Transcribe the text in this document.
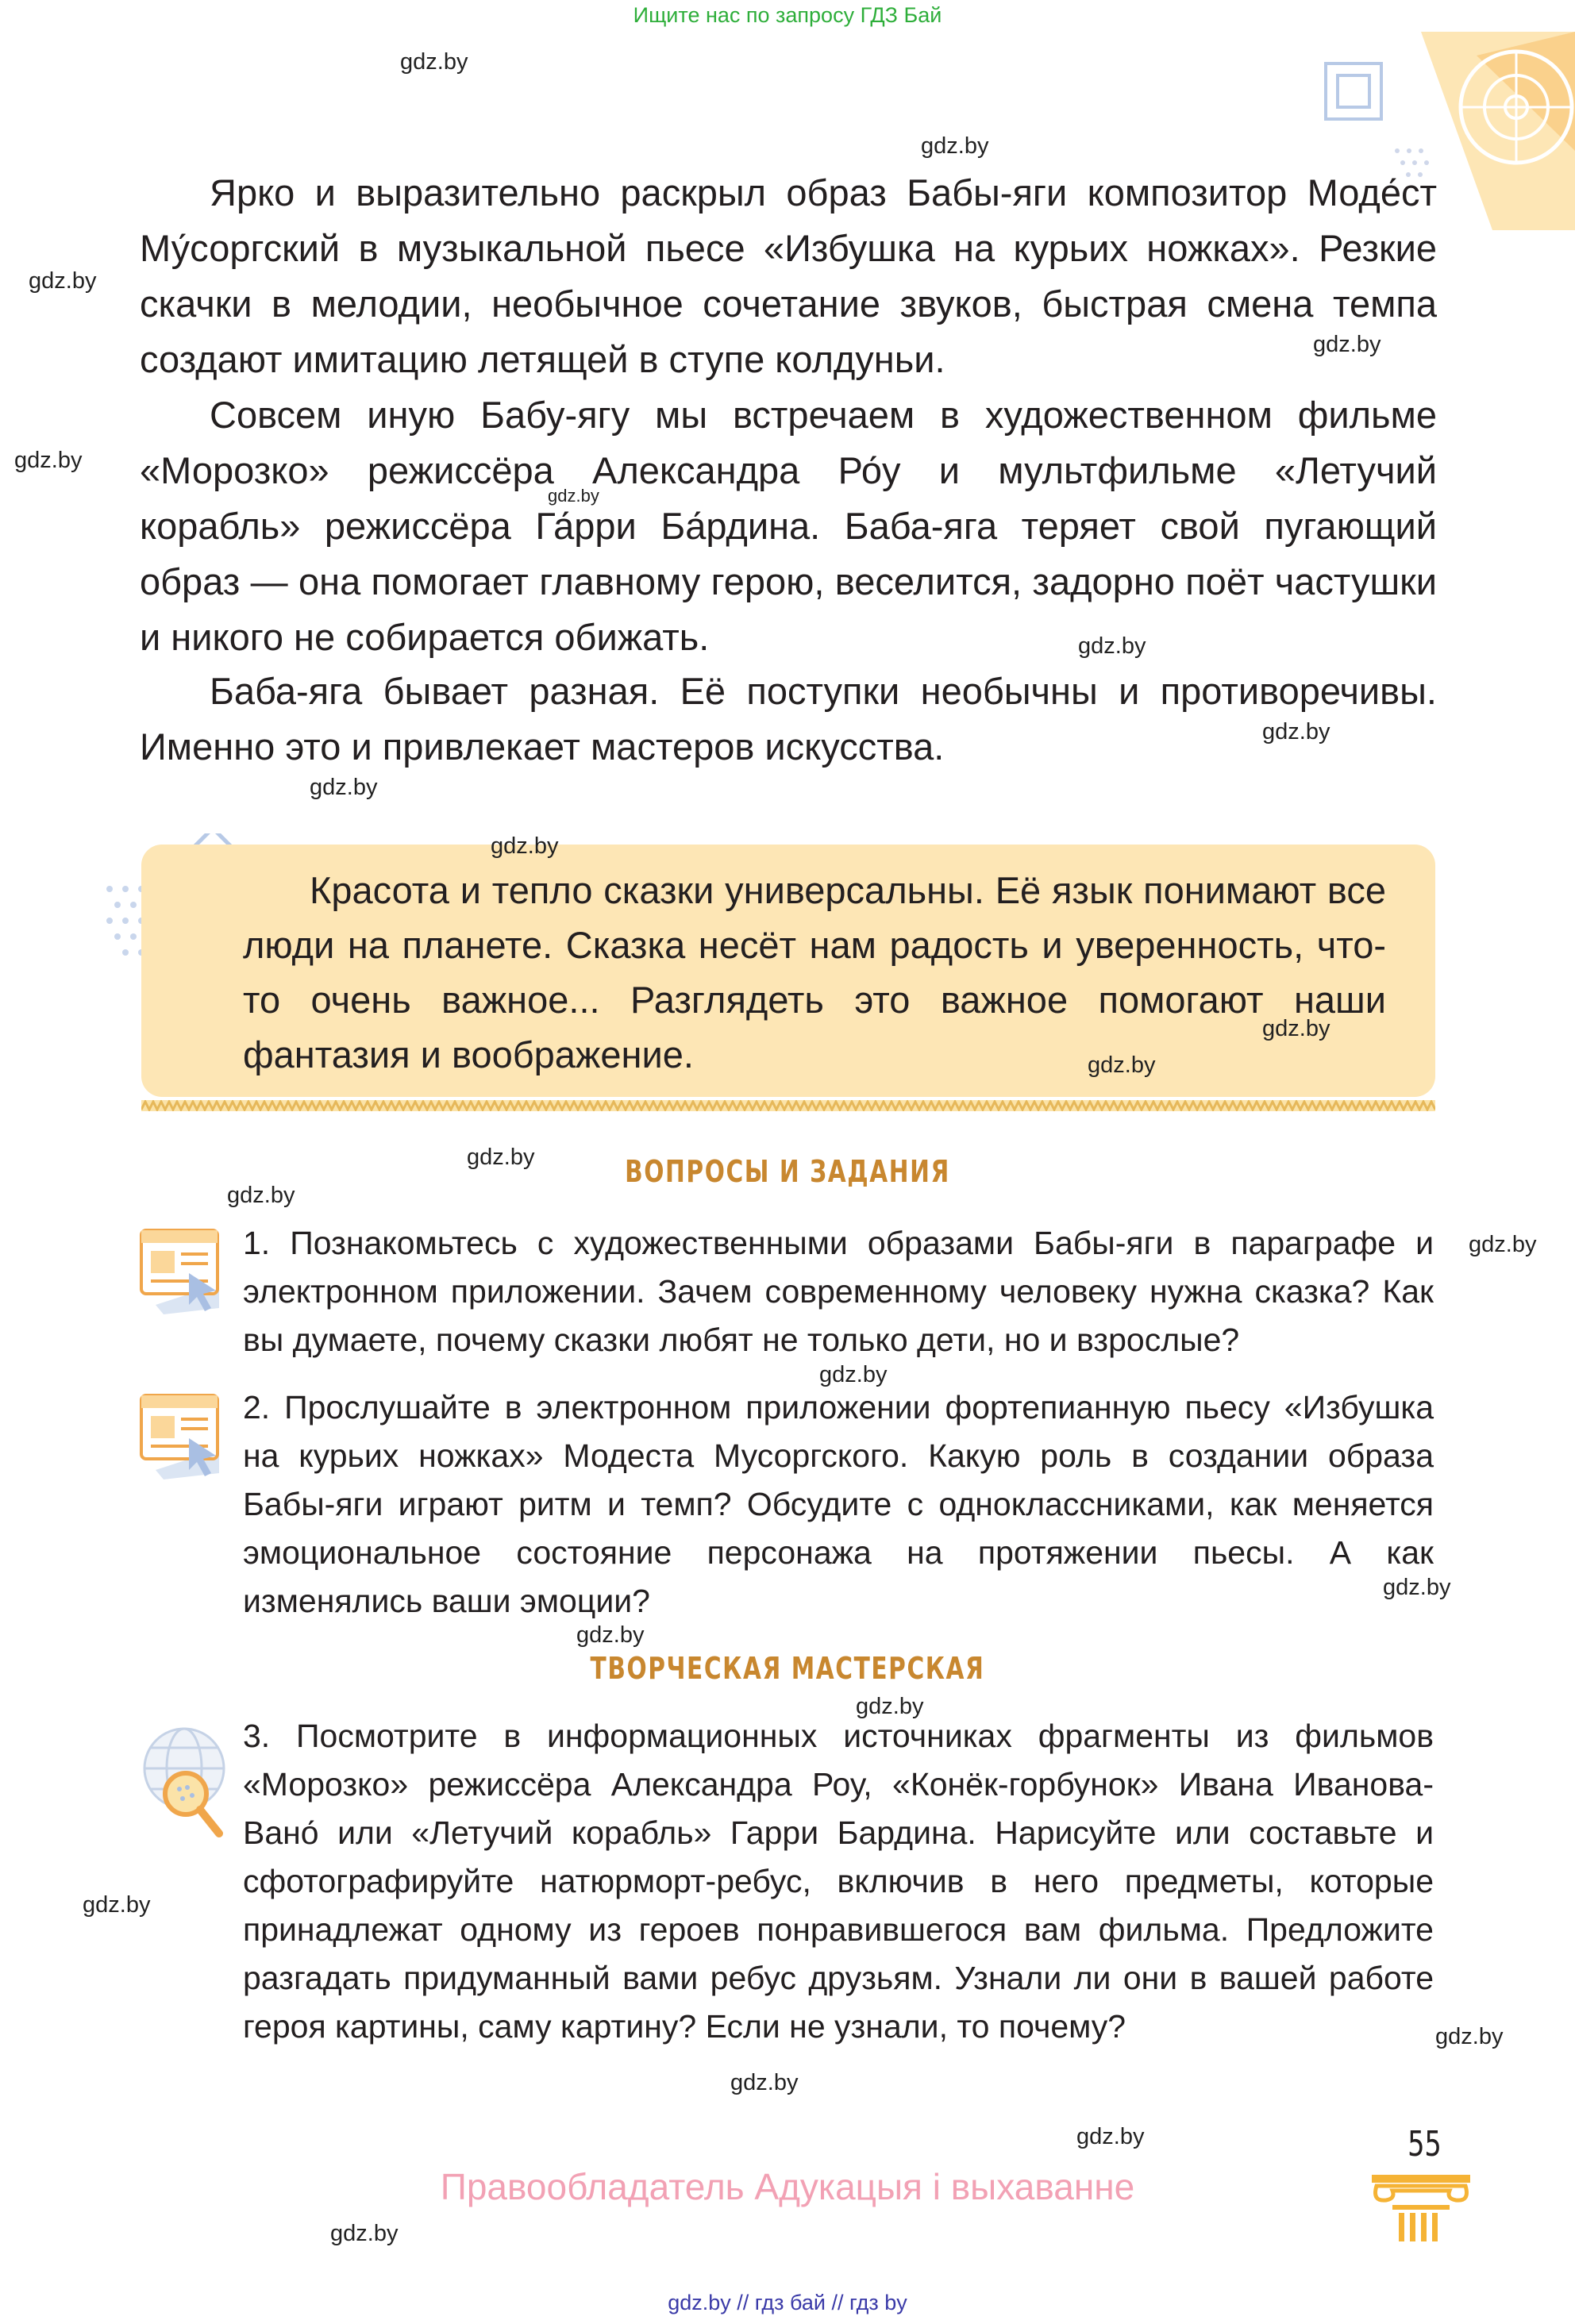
Ищите нас по запросу ГДЗ Бай

Ярко и выразительно раскрыл образ Бабы-яги композитор Моде́ст Му́соргский в музыкальной пьесе «Избушка на курьих ножках». Резкие скачки в мелодии, необычное сочетание звуков, быстрая смена темпа создают имитацию летящей в ступе колдуньи.

Совсем иную Бабу-ягу мы встречаем в художественном фильме «Морозко» режиссёра Александра Ро́у и мультфильме «Летучий корабль» режиссёра Га́рри Ба́рдина. Баба-яга теряет свой пугающий образ — она помогает главному герою, веселится, задорно поёт частушки и никого не собирается обижать.

Баба-яга бывает разная. Её поступки необычны и противоречивы. Именно это и привлекает мастеров искусства.

Красота и тепло сказки универсальны. Её язык понимают все люди на планете. Сказка несёт нам радость и уверенность, что-то очень важное... Разглядеть это важное помогают наши фантазия и воображение.

ВОПРОСЫ И ЗАДАНИЯ

1. Познакомьтесь с художественными образами Бабы-яги в параграфе и электронном приложении. Зачем современному человеку нужна сказка? Как вы думаете, почему сказки любят не только дети, но и взрослые?

2. Прослушайте в электронном приложении фортепианную пьесу «Избушка на курьих ножках» Модеста Мусоргского. Какую роль в создании образа Бабы-яги играют ритм и темп? Обсудите с одноклассниками, как меняется эмоциональное состояние персонажа на протяжении пьесы. А как изменялись ваши эмоции?

ТВОРЧЕСКАЯ МАСТЕРСКАЯ

3. Посмотрите в информационных источниках фрагменты из фильмов «Морозко» режиссёра Александра Роу, «Конёк-горбунок» Ивана Иванова-Вано́ или «Летучий корабль» Гарри Бардина. Нарисуйте или составьте и сфотографируйте натюрморт-ребус, включив в него предметы, которые принадлежат одному из героев понравившегося вам фильма. Предложите разгадать придуманный вами ребус друзьям. Узнали ли они в вашей работе героя картины, саму картину? Если не узнали, то почему?

55
Правообладатель Адукацыя і выхаванне
gdz.by // гдз бай // гдз by
gdz.by
gdz.by
gdz.by
gdz.by
gdz.by
gdz.by
gdz.by
gdz.by
gdz.by
gdz.by
gdz.by
gdz.by
gdz.by
gdz.by
gdz.by
gdz.by
gdz.by
gdz.by
gdz.by
gdz.by
gdz.by
gdz.by
gdz.by
gdz.by
